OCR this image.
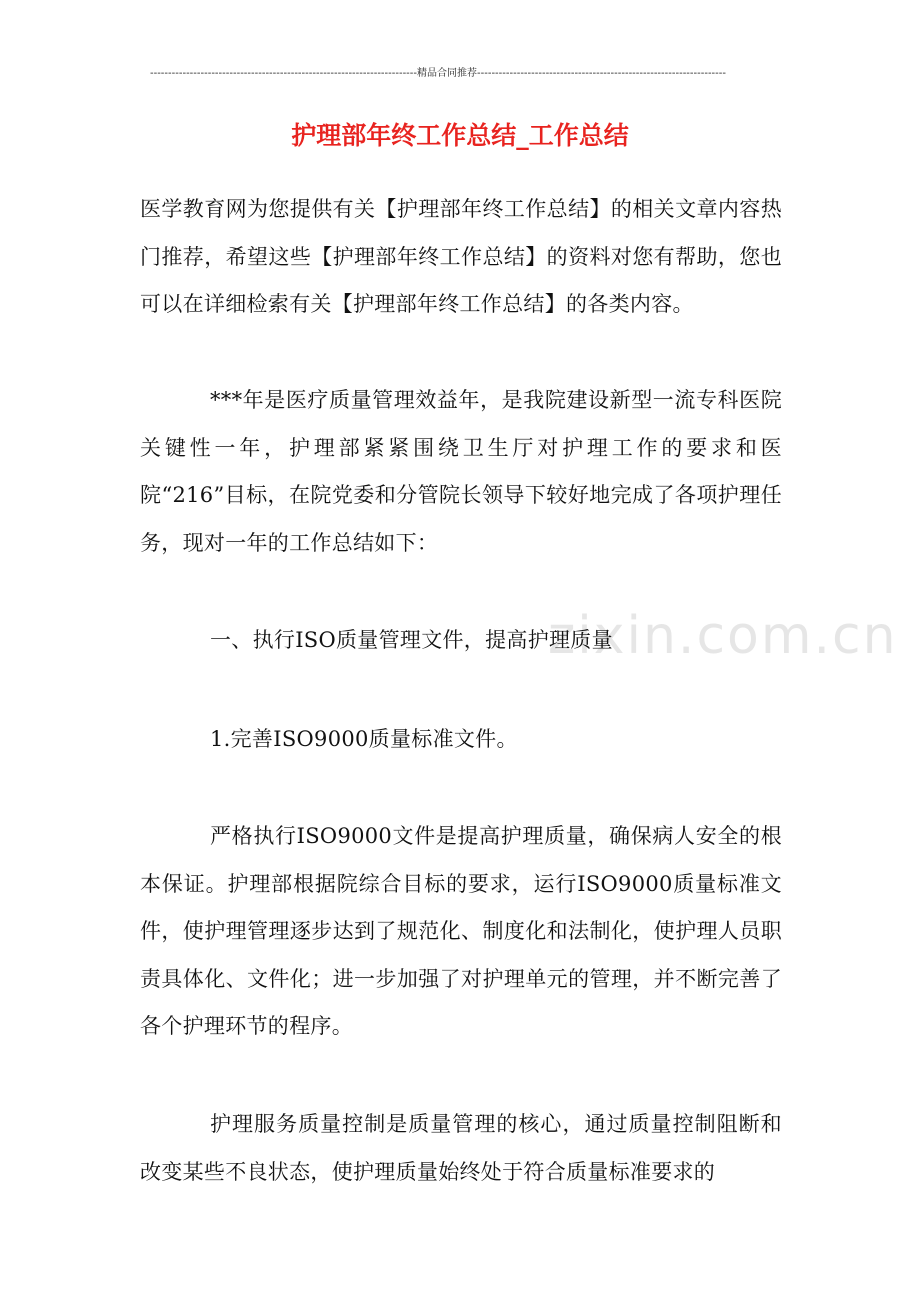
--------------------------------------------------------------------------精品合同推荐---------------------------------------------------------------------
护理部年终工作总结_工作总结
zixin.com.cn

医学教育网为您提供有关【护理部年终工作总结】的相关文章内容热门推荐，希望这些【护理部年终工作总结】的资料对您有帮助，您也可以在详细检索有关【护理部年终工作总结】的各类内容。

***年是医疗质量管理效益年，是我院建设新型一流专科医院关键性一年，护理部紧紧围绕卫生厅对护理工作的要求和医院“216”目标，在院党委和分管院长领导下较好地完成了各项护理任务，现对一年的工作总结如下：

一、执行ISO质量管理文件，提高护理质量

1.完善ISO9000质量标准文件。

严格执行ISO9000文件是提高护理质量，确保病人安全的根本保证。护理部根据院综合目标的要求，运行ISO9000质量标准文件，使护理管理逐步达到了规范化、制度化和法制化，使护理人员职责具体化、文件化；进一步加强了对护理单元的管理，并不断完善了各个护理环节的程序。

护理服务质量控制是质量管理的核心，通过质量控制阻断和改变某些不良状态，使护理质量始终处于符合质量标准要求的
